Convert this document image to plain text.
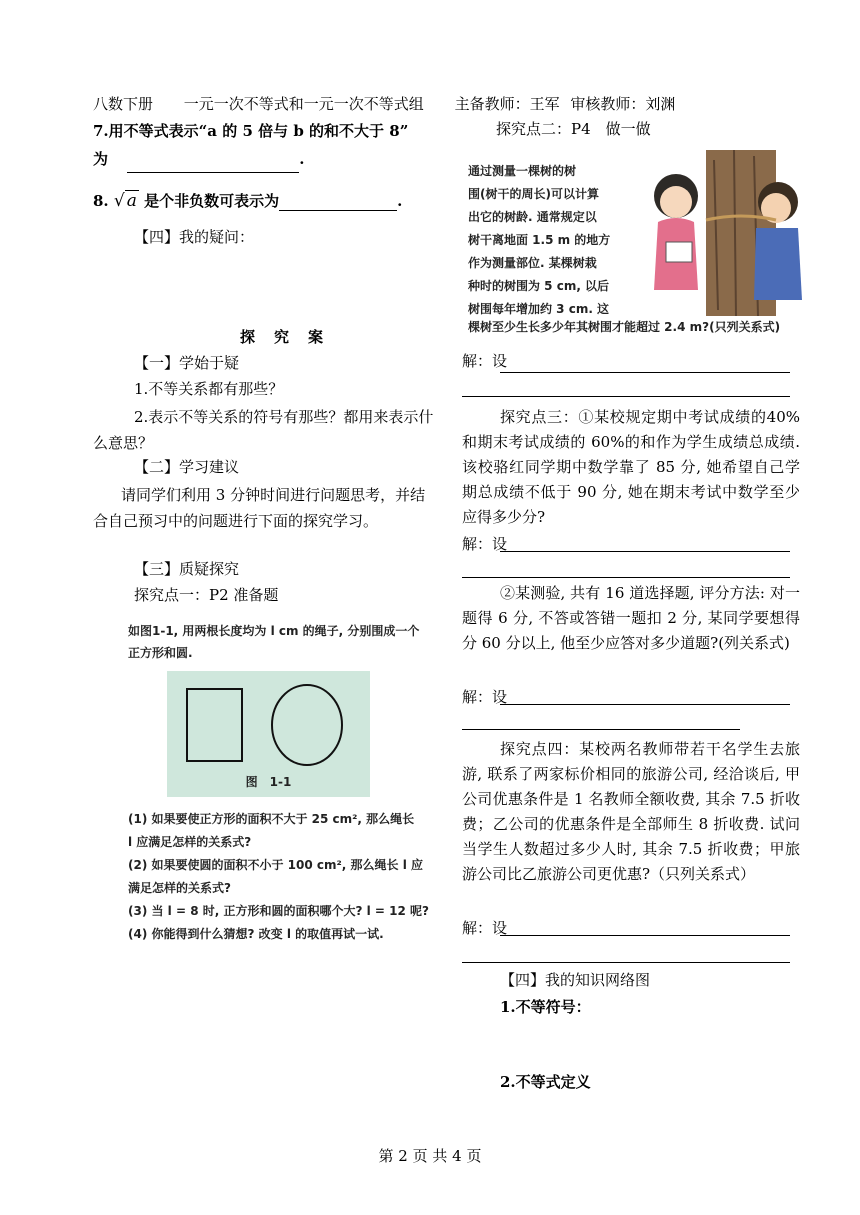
八数下册 一元一次不等式和一元一次不等式组 主备教师：王军 审核教师：刘渊
7.用不等式表示“a 的 5 倍与 b 的和不大于 8”
为	.
8. √ a 是个非负数可表示为	.
【四】我的疑问：
探　究　案
【一】学始于疑
1.不等关系都有那些？
2.表示不等关系的符号有那些？都用来表示什么意思？
【二】学习建议
请同学们利用 3 分钟时间进行问题思考，并结合自己预习中的问题进行下面的探究学习。
【三】质疑探究
探究点一：P2 准备题
如图1-1, 用两根长度均为 l cm 的绳子, 分别围成一个
正方形和圆.
图　1-1
(1) 如果要使正方形的面积不大于 25 cm², 那么绳长
l 应满足怎样的关系式?
(2) 如果要使圆的面积不小于 100 cm², 那么绳长 l 应
满足怎样的关系式?
(3) 当 l = 8 时, 正方形和圆的面积哪个大? l = 12 呢?
(4) 你能得到什么猜想? 改变 l 的取值再试一试.
探究点二：P4　做一做
通过测量一棵树的树
围(树干的周长)可以计算
出它的树龄. 通常规定以
树干离地面 1.5 m 的地方
作为测量部位. 某棵树栽
种时的树围为 5 cm, 以后
树围每年增加约 3 cm. 这
棵树至少生长多少年其树围才能超过 2.4 m?(只列关系式)
解：设
探究点三：①某校规定期中考试成绩的40%和期末考试成绩的 60%的和作为学生成绩总成绩. 该校骆红同学期中数学靠了 85 分, 她希望自己学期总成绩不低于 90 分, 她在期末考试中数学至少应得多少分?
解：设
②某测验, 共有 16 道选择题, 评分方法: 对一题得 6 分, 不答或答错一题扣 2 分, 某同学要想得分 60 分以上, 他至少应答对多少道题?(列关系式)
解：设
探究点四：某校两名教师带若干名学生去旅游, 联系了两家标价相同的旅游公司, 经洽谈后, 甲公司优惠条件是 1 名教师全额收费, 其余 7.5 折收费；乙公司的优惠条件是全部师生 8 折收费. 试问当学生人数超过多少人时, 其余 7.5 折收费；甲旅游公司比乙旅游公司更优惠?（只列关系式）
解：设
【四】我的知识网络图
1.不等符号：
2.不等式定义
第 2 页 共 4 页
